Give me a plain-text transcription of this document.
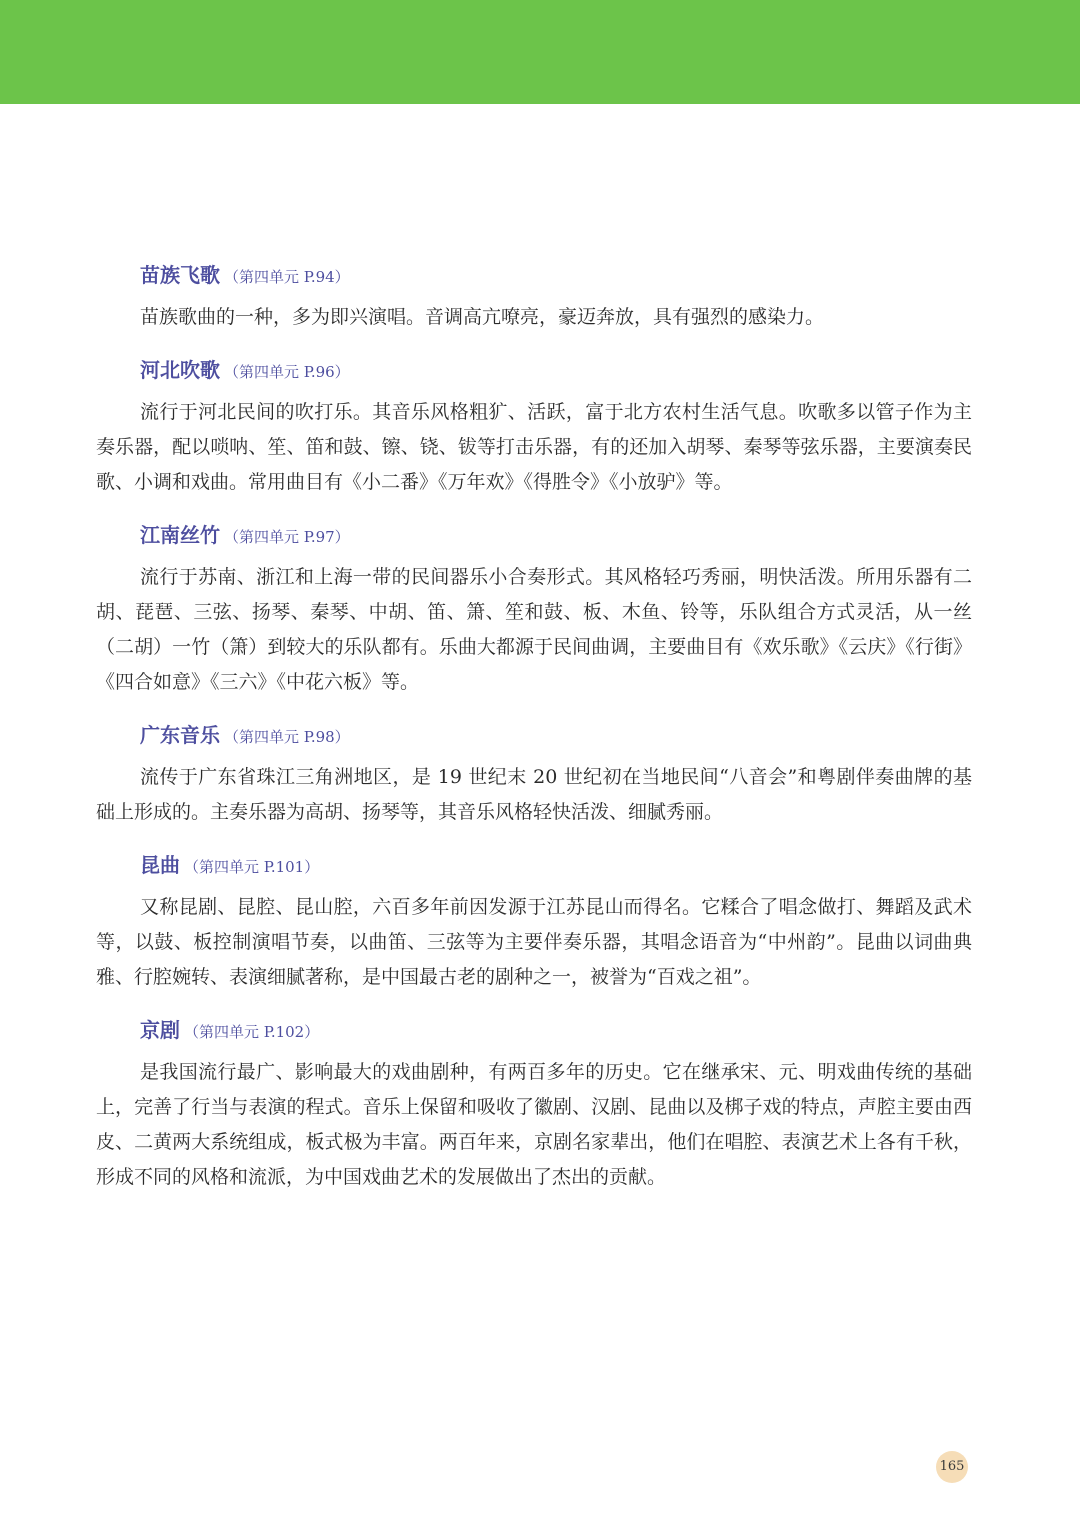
苗族飞歌 （第四单元 P.94）

苗族歌曲的一种，多为即兴演唱。音调高亢嘹亮，豪迈奔放，具有强烈的感染力。

河北吹歌 （第四单元 P.96）

流行于河北民间的吹打乐。其音乐风格粗犷、活跃，富于北方农村生活气息。吹歌多以管子作为主奏乐器，配以唢呐、笙、笛和鼓、镲、铙、钹等打击乐器，有的还加入胡琴、秦琴等弦乐器，主要演奏民歌、小调和戏曲。常用曲目有《小二番》《万年欢》《得胜令》《小放驴》等。

江南丝竹 （第四单元 P.97）

流行于苏南、浙江和上海一带的民间器乐小合奏形式。其风格轻巧秀丽，明快活泼。所用乐器有二胡、琵琶、三弦、扬琴、秦琴、中胡、笛、箫、笙和鼓、板、木鱼、铃等，乐队组合方式灵活，从一丝（二胡）一竹（箫）到较大的乐队都有。乐曲大都源于民间曲调，主要曲目有《欢乐歌》《云庆》《行街》《四合如意》《三六》《中花六板》等。

广东音乐 （第四单元 P.98）

流传于广东省珠江三角洲地区，是 19 世纪末 20 世纪初在当地民间“八音会”和粤剧伴奏曲牌的基础上形成的。主奏乐器为高胡、扬琴等，其音乐风格轻快活泼、细腻秀丽。

昆曲 （第四单元 P.101）

又称昆剧、昆腔、昆山腔，六百多年前因发源于江苏昆山而得名。它糅合了唱念做打、舞蹈及武术等，以鼓、板控制演唱节奏，以曲笛、三弦等为主要伴奏乐器，其唱念语音为“中州韵”。昆曲以词曲典雅、行腔婉转、表演细腻著称，是中国最古老的剧种之一，被誉为“百戏之祖”。

京剧 （第四单元 P.102）

是我国流行最广、影响最大的戏曲剧种，有两百多年的历史。它在继承宋、元、明戏曲传统的基础上，完善了行当与表演的程式。音乐上保留和吸收了徽剧、汉剧、昆曲以及梆子戏的特点，声腔主要由西皮、二黄两大系统组成，板式极为丰富。两百年来，京剧名家辈出，他们在唱腔、表演艺术上各有千秋，形成不同的风格和流派，为中国戏曲艺术的发展做出了杰出的贡献。

165
